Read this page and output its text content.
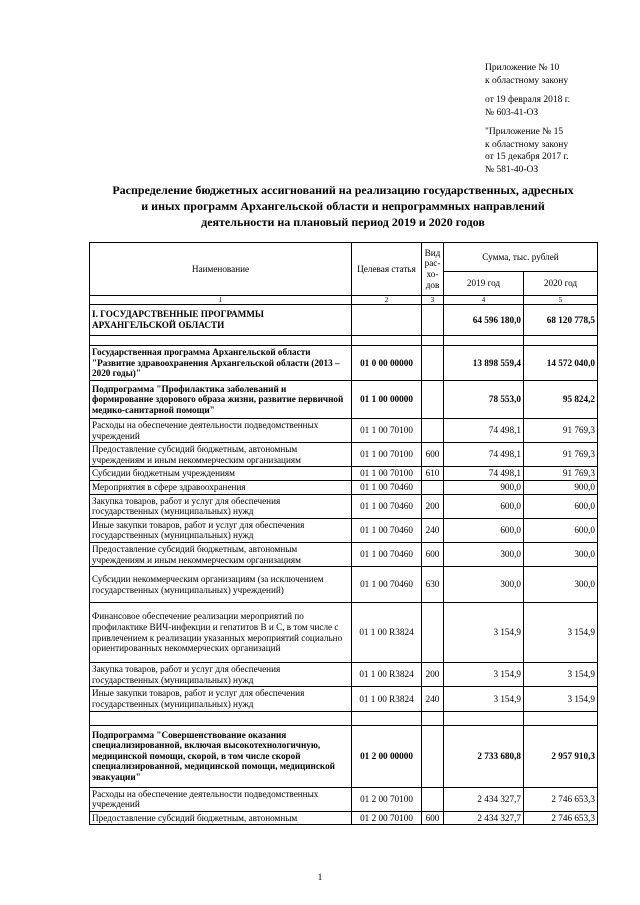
Приложение № 10
к областному закону
от 19 февраля 2018 г.
№ 603-41-ОЗ
"Приложение № 15
к областному закону
от 15 декабря 2017 г.
№ 581-40-ОЗ
Распределение бюджетных ассигнований на реализацию государственных, адресных
и иных программ Архангельской области и непрограммных направлений
деятельности на плановый период 2019 и 2020 годов
Наименование	Целевая статья	Вид рас-хо-дов	Сумма, тыс. рублей	
			2019 год	2020 год
1	2	3	4	5
I. ГОСУДАРСТВЕННЫЕ ПРОГРАММЫ АРХАНГЕЛЬСКОЙ ОБЛАСТИ			64 596 180,0	68 120 778,5

Государственная программа Архангельской области "Развитие здравоохранения Архангельской области (2013 – 2020 годы)"	01 0 00 00000		13 898 559,4	14 572 040,0
Подпрограмма "Профилактика заболеваний и формирование здорового образа жизни, развитие первичной медико-санитарной помощи"	01 1 00 00000		78 553,0	95 824,2
Расходы на обеспечение деятельности подведомственных учреждений	01 1 00 70100		74 498,1	91 769,3
Предоставление субсидий бюджетным, автономным учреждениям и иным некоммерческим организациям	01 1 00 70100	600	74 498,1	91 769,3
Субсидии бюджетным учреждениям	01 1 00 70100	610	74 498,1	91 769,3
Мероприятия в сфере здравоохранения	01 1 00 70460		900,0	900,0
Закупка товаров, работ и услуг для обеспечения государственных (муниципальных) нужд	01 1 00 70460	200	600,0	600,0
Иные закупки товаров, работ и услуг для обеспечения государственных (муниципальных) нужд	01 1 00 70460	240	600,0	600,0
Предоставление субсидий бюджетным, автономным учреждениям и иным некоммерческим организациям	01 1 00 70460	600	300,0	300,0
Субсидии некоммерческим организациям (за исключением государственных (муниципальных) учреждений)	01 1 00 70460	630	300,0	300,0
Финансовое обеспечение реализации мероприятий по профилактике ВИЧ-инфекции и гепатитов B и C, в том числе с привлечением к реализации указанных мероприятий социально ориентированных некоммерческих организаций	01 1 00 R3824		3 154,9	3 154,9
Закупка товаров, работ и услуг для обеспечения государственных (муниципальных) нужд	01 1 00 R3824	200	3 154,9	3 154,9
Иные закупки товаров, работ и услуг для обеспечения государственных (муниципальных) нужд	01 1 00 R3824	240	3 154,9	3 154,9

Подпрограмма "Совершенствование оказания специализированной, включая высокотехнологичную, медицинской помощи, скорой, в том числе скорой специализированной, медицинской помощи, медицинской эвакуации"	01 2 00 00000		2 733 680,8	2 957 910,3
Расходы на обеспечение деятельности подведомственных учреждений	01 2 00 70100		2 434 327,7	2 746 653,3
Предоставление субсидий бюджетным, автономным	01 2 00 70100	600	2 434 327,7	2 746 653,3
1
